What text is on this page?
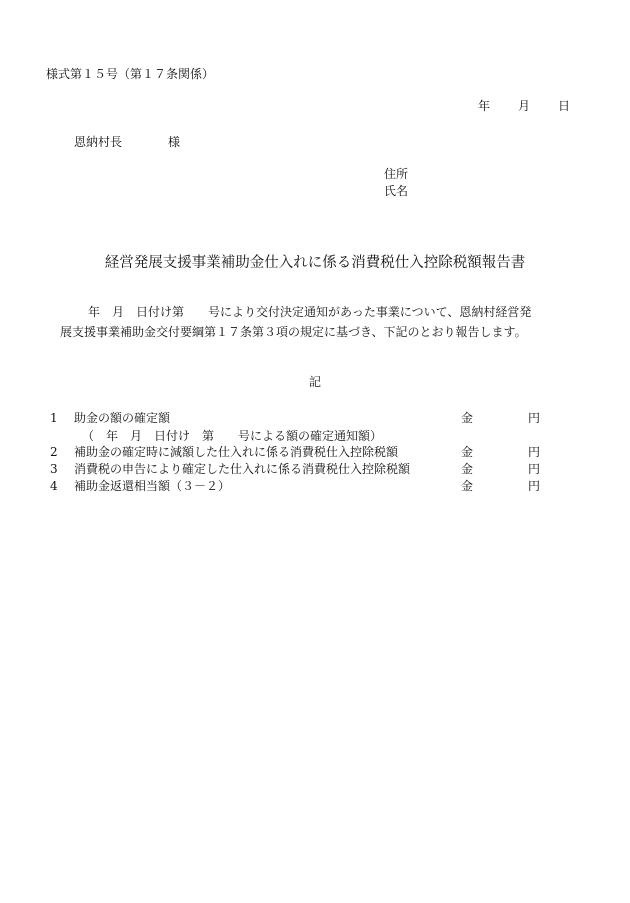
様式第１５号（第１７条関係）
年 月 日
恩納村長	様
住所
氏名
経営発展支援事業補助金仕入れに係る消費税仕入控除税額報告書
年　月　日付け第　　号により交付決定通知があった事業について、恩納村経営発
展支援事業補助金交付要綱第１７条第３項の規定に基づき、下記のとおり報告します。
記
1 助金の額の確定額	金	円
（　年　月　日付け　第　　号による額の確定通知額）
2 補助金の確定時に減額した仕入れに係る消費税仕入控除税額	金	円
3 消費税の申告により確定した仕入れに係る消費税仕入控除税額	金	円
4 補助金返還相当額（３－２）	金	円
